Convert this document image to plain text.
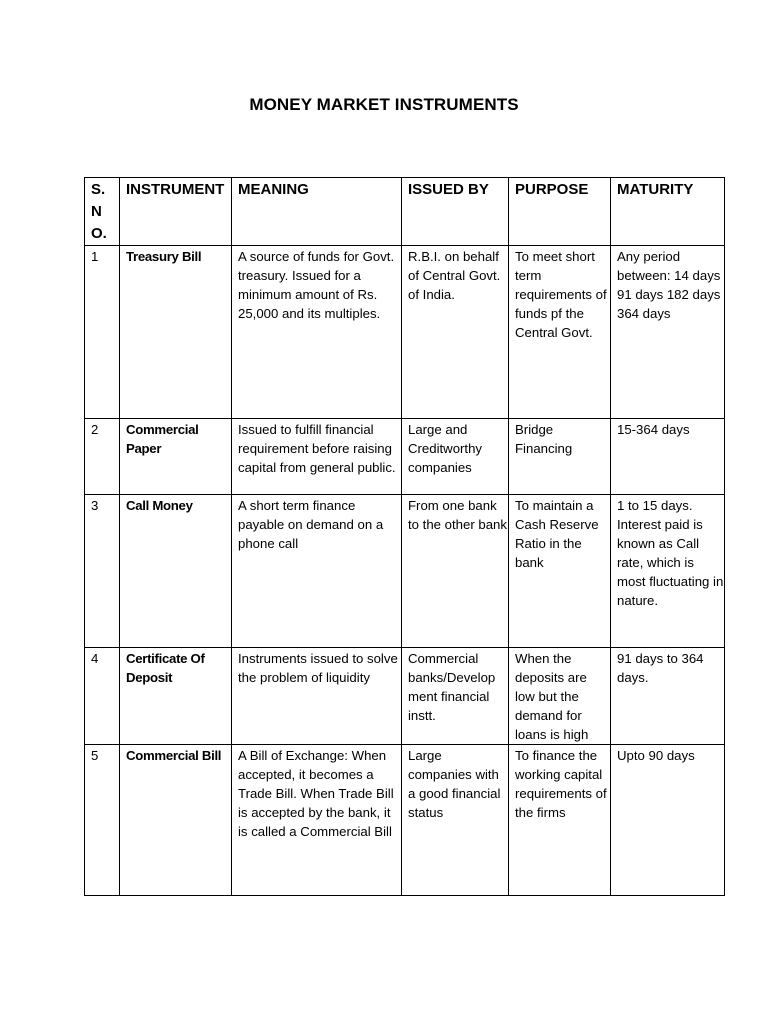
MONEY MARKET INSTRUMENTS
S.
N
O.	INSTRUMENT	MEANING	ISSUED BY	PURPOSE	MATURITY
1	Treasury Bill	A source of funds for Govt. treasury. Issued for a minimum amount of Rs. 25,000 and its multiples.	R.B.I. on behalf of Central Govt. of India.	To meet short term requirements of funds pf the Central Govt.	Any period between: 14 days 91 days 182 days 364 days
2	Commercial Paper	Issued to fulfill financial requirement before raising capital from general public.	Large and Creditworthy companies	Bridge Financing	15-364 days
3	Call Money	A short term finance payable on demand on a phone call	From one bank to the other bank	To maintain a Cash Reserve Ratio in the bank	1 to 15 days. Interest paid is known as Call rate, which is most fluctuating in nature.
4	Certificate Of Deposit	Instruments issued to solve the problem of liquidity	Commercial banks/Develop ment financial instt.	When the deposits are low but the demand for loans is high	91 days to 364 days.
5	Commercial Bill	A Bill of Exchange: When accepted, it becomes a Trade Bill. When Trade Bill is accepted by the bank, it is called a Commercial Bill	Large companies with a good financial status	To finance the working capital requirements of the firms	Upto 90 days
